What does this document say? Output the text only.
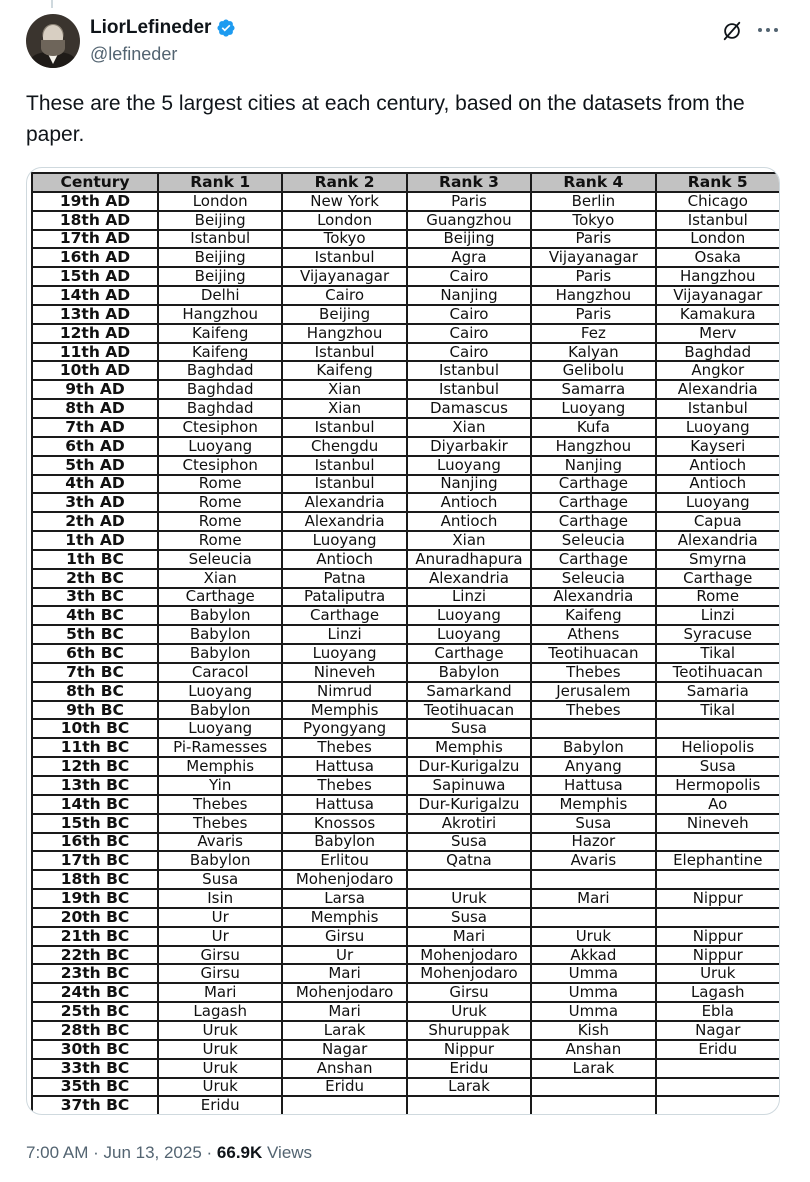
LiorLefineder
@lefineder
These are the 5 largest cities at each century, based on the datasets from the paper.
Century	Rank 1	Rank 2	Rank 3	Rank 4	Rank 5
19th AD	London	New York	Paris	Berlin	Chicago
18th AD	Beijing	London	Guangzhou	Tokyo	Istanbul
17th AD	Istanbul	Tokyo	Beijing	Paris	London
16th AD	Beijing	Istanbul	Agra	Vijayanagar	Osaka
15th AD	Beijing	Vijayanagar	Cairo	Paris	Hangzhou
14th AD	Delhi	Cairo	Nanjing	Hangzhou	Vijayanagar
13th AD	Hangzhou	Beijing	Cairo	Paris	Kamakura
12th AD	Kaifeng	Hangzhou	Cairo	Fez	Merv
11th AD	Kaifeng	Istanbul	Cairo	Kalyan	Baghdad
10th AD	Baghdad	Kaifeng	Istanbul	Gelibolu	Angkor
9th AD	Baghdad	Xian	Istanbul	Samarra	Alexandria
8th AD	Baghdad	Xian	Damascus	Luoyang	Istanbul
7th AD	Ctesiphon	Istanbul	Xian	Kufa	Luoyang
6th AD	Luoyang	Chengdu	Diyarbakir	Hangzhou	Kayseri
5th AD	Ctesiphon	Istanbul	Luoyang	Nanjing	Antioch
4th AD	Rome	Istanbul	Nanjing	Carthage	Antioch
3th AD	Rome	Alexandria	Antioch	Carthage	Luoyang
2th AD	Rome	Alexandria	Antioch	Carthage	Capua
1th AD	Rome	Luoyang	Xian	Seleucia	Alexandria
1th BC	Seleucia	Antioch	Anuradhapura	Carthage	Smyrna
2th BC	Xian	Patna	Alexandria	Seleucia	Carthage
3th BC	Carthage	Pataliputra	Linzi	Alexandria	Rome
4th BC	Babylon	Carthage	Luoyang	Kaifeng	Linzi
5th BC	Babylon	Linzi	Luoyang	Athens	Syracuse
6th BC	Babylon	Luoyang	Carthage	Teotihuacan	Tikal
7th BC	Caracol	Nineveh	Babylon	Thebes	Teotihuacan
8th BC	Luoyang	Nimrud	Samarkand	Jerusalem	Samaria
9th BC	Babylon	Memphis	Teotihuacan	Thebes	Tikal
10th BC	Luoyang	Pyongyang	Susa		
11th BC	Pi-Ramesses	Thebes	Memphis	Babylon	Heliopolis
12th BC	Memphis	Hattusa	Dur-Kurigalzu	Anyang	Susa
13th BC	Yin	Thebes	Sapinuwa	Hattusa	Hermopolis
14th BC	Thebes	Hattusa	Dur-Kurigalzu	Memphis	Ao
15th BC	Thebes	Knossos	Akrotiri	Susa	Nineveh
16th BC	Avaris	Babylon	Susa	Hazor	
17th BC	Babylon	Erlitou	Qatna	Avaris	Elephantine
18th BC	Susa	Mohenjodaro			
19th BC	Isin	Larsa	Uruk	Mari	Nippur
20th BC	Ur	Memphis	Susa		
21th BC	Ur	Girsu	Mari	Uruk	Nippur
22th BC	Girsu	Ur	Mohenjodaro	Akkad	Nippur
23th BC	Girsu	Mari	Mohenjodaro	Umma	Uruk
24th BC	Mari	Mohenjodaro	Girsu	Umma	Lagash
25th BC	Lagash	Mari	Uruk	Umma	Ebla
28th BC	Uruk	Larak	Shuruppak	Kish	Nagar
30th BC	Uruk	Nagar	Nippur	Anshan	Eridu
33th BC	Uruk	Anshan	Eridu	Larak	
35th BC	Uruk	Eridu	Larak		
37th BC	Eridu				
7:00 AM · Jun 13, 2025 · 66.9K Views
